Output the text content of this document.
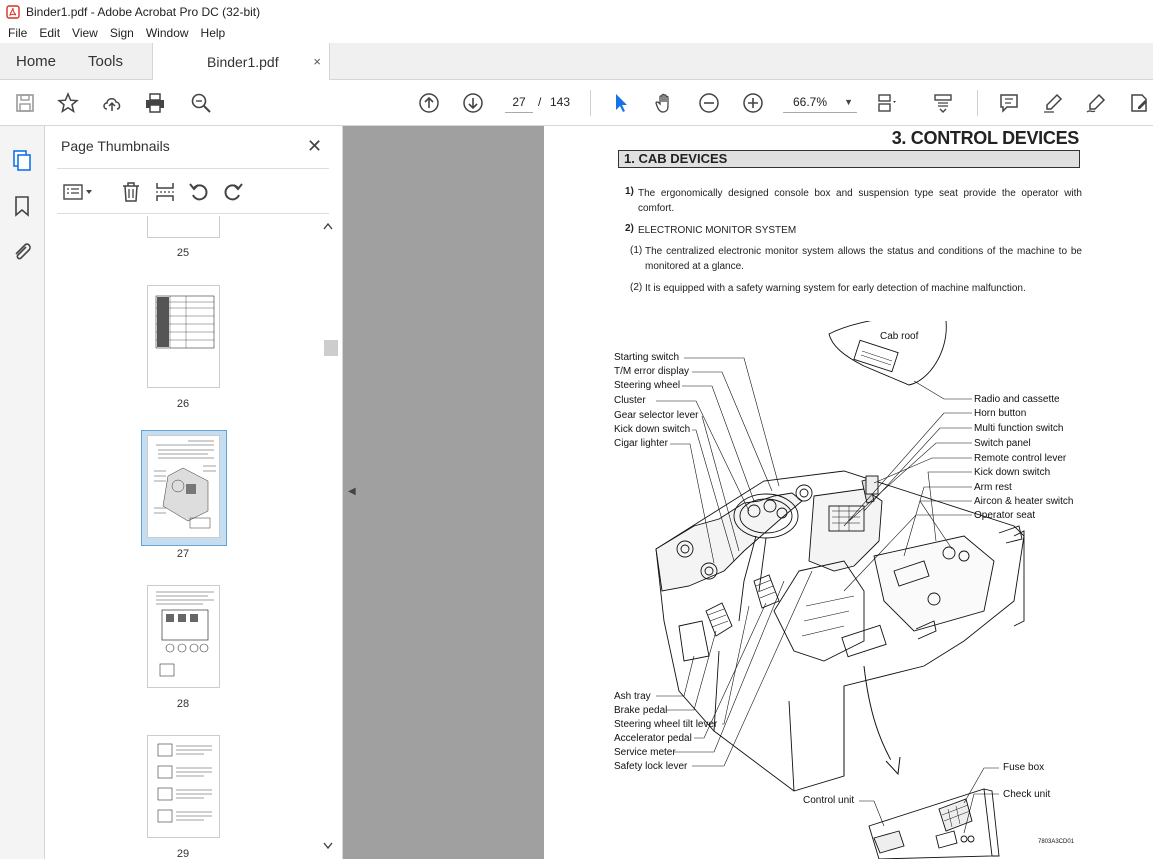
Binder1.pdf - Adobe Acrobat Pro DC (32-bit)
File	Edit	View	Sign	Window	Help
Home Tools	Binder1.pdf	×
27	/ 143	66.7% ▼
Page Thumbnails	✕
25
26
27
28
29
◀
3. CONTROL DEVICES
1. CAB DEVICES
1) The ergonomically designed console box and suspension type seat provide the operator with comfort.
2) ELECTRONIC MONITOR SYSTEM
(1) The centralized electronic monitor system allows the status and conditions of the machine to be monitored at a glance.
(2) It is equipped with a safety warning system for early detection of machine malfunction.
Cab roof
Starting switch
T/M error display
Steering wheel
Cluster
Gear selector lever
Kick down switch
Cigar lighter
Radio and cassette
Horn button
Multi function switch
Switch panel
Remote control lever
Kick down switch
Arm rest
Aircon & heater switch
Operator seat
Ash tray
Brake pedal
Steering wheel tilt lever
Accelerator pedal
Service meter
Safety lock lever
Control unit
Fuse box
Check unit
7803A3CD01
